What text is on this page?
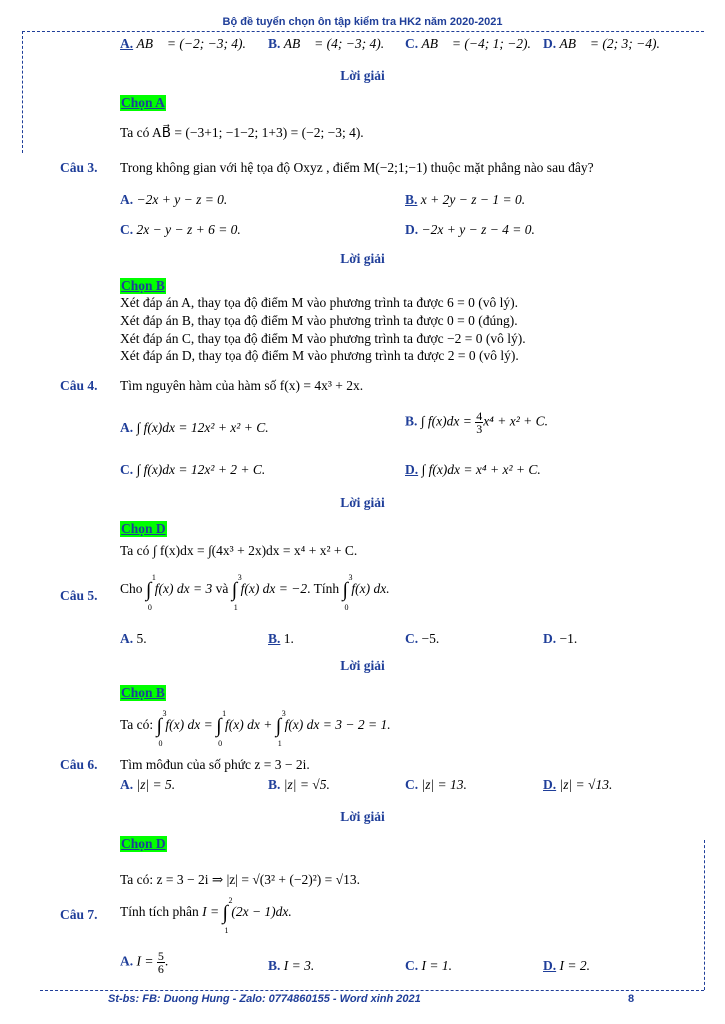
Bộ đề tuyển chọn ôn tập kiểm tra HK2 năm 2020-2021
A. AB⃗ = (−2; −3; 4). B. AB⃗ = (4; −3; 4). C. AB⃗ = (−4; 1; −2). D. AB⃗ = (2; 3; −4).
Lời giải
Chọn A
Ta có AB⃗ = (−3+1; −1−2; 1+3) = (−2; −3; 4).
Câu 3. Trong không gian với hệ tọa độ Oxyz , điểm M(−2;1;−1) thuộc mặt phẳng nào sau đây?
A. −2x + y − z = 0.	B. x + 2y − z − 1 = 0.
C. 2x − y − z + 6 = 0.	D. −2x + y − z − 4 = 0.
Lời giải
Chọn B
Xét đáp án A, thay tọa độ điểm M vào phương trình ta được 6 = 0 (vô lý).
Xét đáp án B, thay tọa độ điểm M vào phương trình ta được 0 = 0 (đúng).
Xét đáp án C, thay tọa độ điểm M vào phương trình ta được −2 = 0 (vô lý).
Xét đáp án D, thay tọa độ điểm M vào phương trình ta được 2 = 0 (vô lý).
Câu 4. Tìm nguyên hàm của hàm số f(x) = 4x³ + 2x.
A. ∫ f(x)dx = 12x² + x² + C.	B. ∫ $f(x)dx = \frac{4}{3} x^4 + x^2 + C$.
C. ∫ f(x)dx = 12x² + 2 + C.	D. ∫ f(x)dx = x⁴ + x² + C.
Lời giải
Chọn D
Ta có ∫ f(x)dx = ∫(4x³ + 2x)dx = x⁴ + x² + C.
Câu 5. Cho ∫
1
0
f(x) dx = 3 và ∫
3
1
f(x) dx = −2. Tính ∫
3
0
f(x) dx.
A. 5.	B. 1.	C. −5.	D. −1.
Lời giải
Chọn B
Ta có: ∫
3
0
f(x) dx = ∫
1
0
f(x) dx + ∫
3
1
f(x) dx = 3 − 2 = 1.
Câu 6. Tìm môđun của số phức z = 3 − 2i.
A. |z| = 5.	B. |z| = √5.	C. |z| = 13.	D. |z| = √13.
Lời giải
Chọn D
Ta có: z = 3 − 2i ⇒ |z| = √(3² + (−2)²) = √13.
Câu 7. Tính tích phân I = ∫
2
1
(2x − 1)dx.
A. $I = \frac{5}{6}$ .	B. I = 3.	C. I = 1.	D. I = 2.
St-bs: FB: Duong Hung - Zalo: 0774860155 - Word xinh 2021	8
